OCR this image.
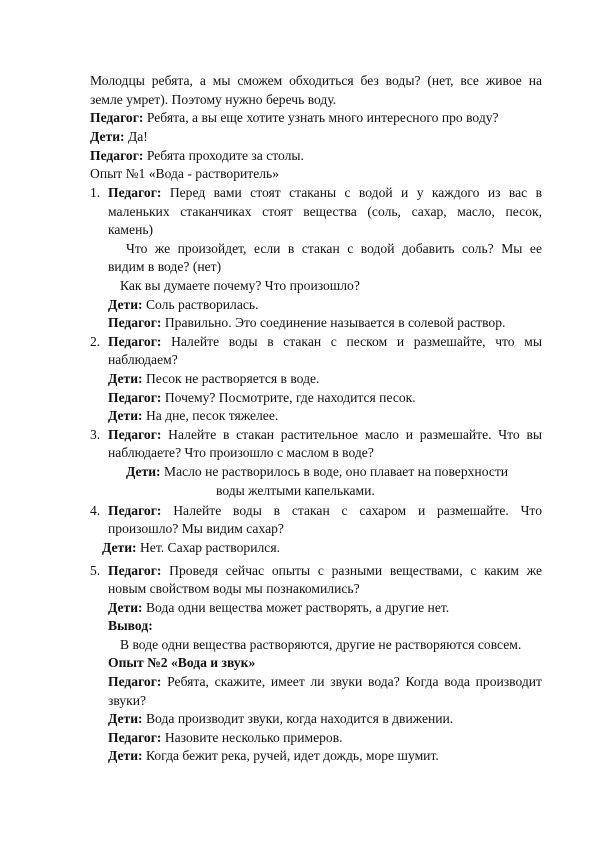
Молодцы ребята, а мы сможем обходиться без воды? (нет, все живое на
земле умрет). Поэтому нужно беречь воду.
Педагог: Ребята, а вы еще хотите узнать много интересного про воду?
Дети: Да!
Педагог: Ребята проходите за столы.
Опыт №1 «Вода - растворитель»
1. Педагог: Перед вами стоят стаканы с водой и у каждого из вас в
маленьких стаканчиках стоят вещества (соль, сахар, масло, песок,
камень)
Что же произойдет, если в стакан с водой добавить соль? Мы ее
видим в воде? (нет)
Как вы думаете почему? Что произошло?
Дети: Соль растворилась.
Педагог: Правильно. Это соединение называется в солевой раствор.
2. Педагог: Налейте воды в стакан с песком и размешайте, что мы
наблюдаем?
Дети: Песок не растворяется в воде.
Педагог: Почему? Посмотрите, где находится песок.
Дети: На дне, песок тяжелее.
3. Педагог: Налейте в стакан растительное масло и размешайте. Что вы
наблюдаете? Что произошло с маслом в воде?
Дети: Масло не растворилось в воде, оно плавает на поверхности
воды желтыми капельками.
4. Педагог: Налейте воды в стакан с сахаром и размешайте. Что
произошло? Мы видим сахар?
Дети: Нет. Сахар растворился.
5. Педагог: Проведя сейчас опыты с разными веществами, с каким же
новым свойством воды мы познакомились?
Дети: Вода одни вещества может растворять, а другие нет.
Вывод:
В воде одни вещества растворяются, другие не растворяются совсем.
Опыт №2 «Вода и звук»
Педагог: Ребята, скажите, имеет ли звуки вода? Когда вода производит
звуки?
Дети: Вода производит звуки, когда находится в движении.
Педагог: Назовите несколько примеров.
Дети: Когда бежит река, ручей, идет дождь, море шумит.
